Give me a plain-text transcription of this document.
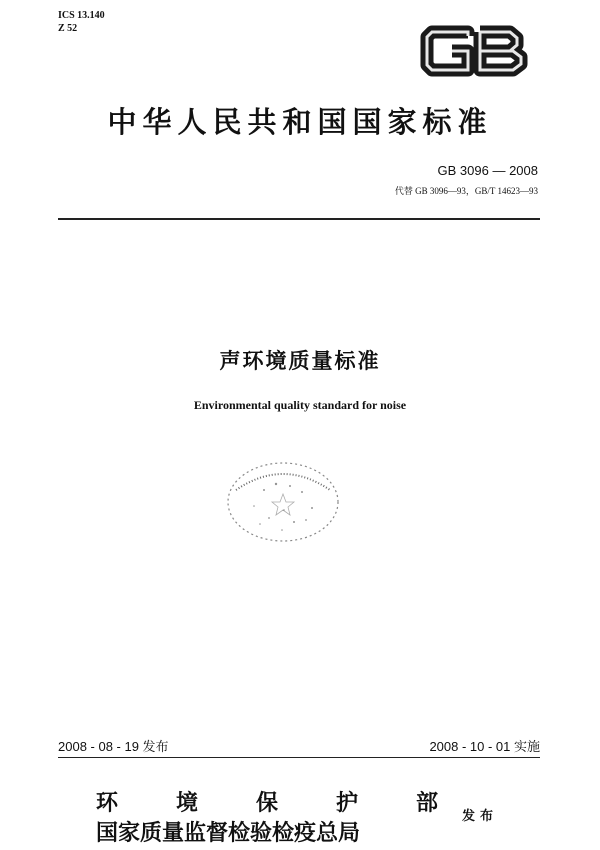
ICS 13.140
Z 52
GB
中华人民共和国国家标准
GB 3096 — 2008
代替 GB 3096—93，GB/T 14623—93
声环境质量标准
Environmental quality standard for noise
2008 - 08 - 19 发布	2008 - 10 - 01 实施
环	境	保	护	部
国家质量监督检验检疫总局
发布
